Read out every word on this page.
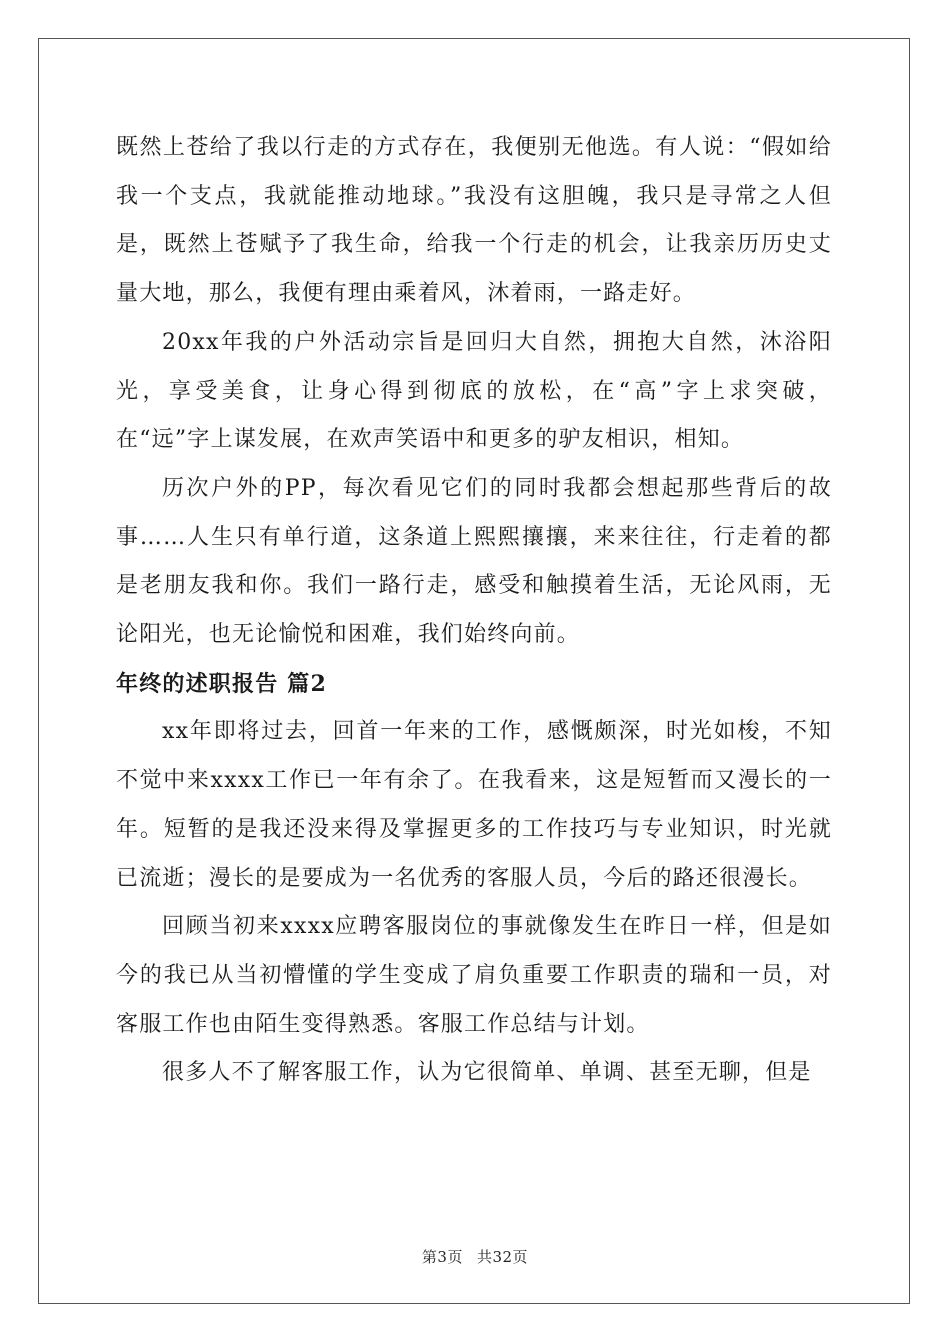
既然上苍给了我以行走的方式存在，我便别无他选。有人说：“假如给我一个支点，我就能推动地球。”我没有这胆魄，我只是寻常之人但是，既然上苍赋予了我生命，给我一个行走的机会，让我亲历历史丈量大地，那么，我便有理由乘着风，沐着雨，一路走好。

20xx年我的户外活动宗旨是回归大自然，拥抱大自然，沐浴阳光，享受美食，让身心得到彻底的放松，在“高”字上求突破，在“远”字上谋发展，在欢声笑语中和更多的驴友相识，相知。

历次户外的PP，每次看见它们的同时我都会想起那些背后的故事……人生只有单行道，这条道上熙熙攘攘，来来往往，行走着的都是老朋友我和你。我们一路行走，感受和触摸着生活，无论风雨，无论阳光，也无论愉悦和困难，我们始终向前。

年终的述职报告 篇2

xx年即将过去，回首一年来的工作，感慨颇深，时光如梭，不知不觉中来xxxx工作已一年有余了。在我看来，这是短暂而又漫长的一年。短暂的是我还没来得及掌握更多的工作技巧与专业知识，时光就已流逝；漫长的是要成为一名优秀的客服人员，今后的路还很漫长。

回顾当初来xxxx应聘客服岗位的事就像发生在昨日一样，但是如今的我已从当初懵懂的学生变成了肩负重要工作职责的瑞和一员，对客服工作也由陌生变得熟悉。客服工作总结与计划。

很多人不了解客服工作，认为它很简单、单调、甚至无聊，但是

第3页 共32页
